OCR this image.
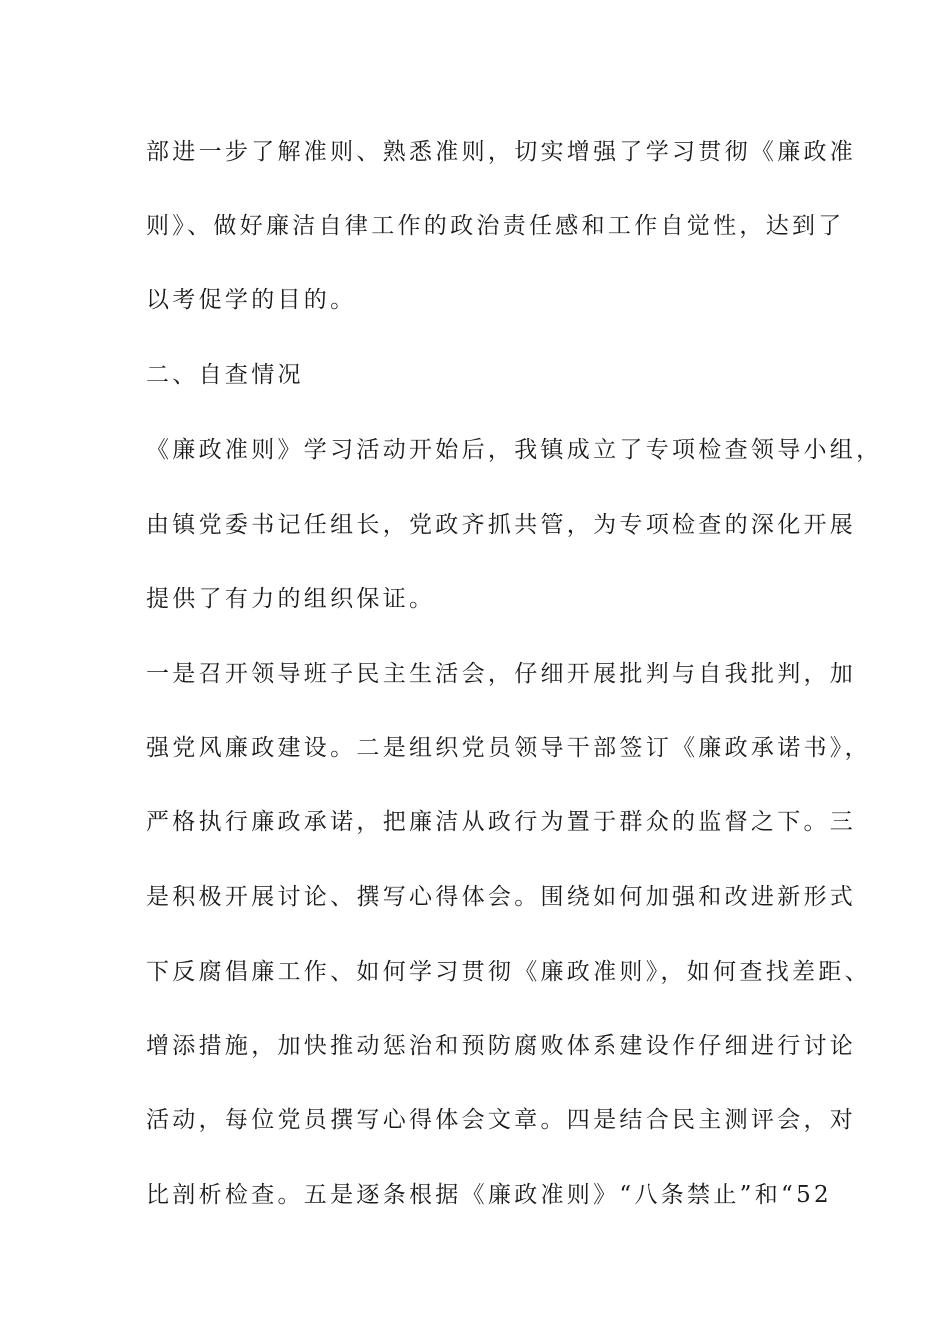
部进一步了解准则、熟悉准则，切实增强了学习贯彻《廉政准
则》、做好廉洁自律工作的政治责任感和工作自觉性，达到了
以考促学的目的。
二、自查情况
《廉政准则》学习活动开始后，我镇成立了专项检查领导小组，
由镇党委书记任组长，党政齐抓共管，为专项检查的深化开展
提供了有力的组织保证。
一是召开领导班子民主生活会，仔细开展批判与自我批判，加
强党风廉政建设。二是组织党员领导干部签订《廉政承诺书》，
严格执行廉政承诺，把廉洁从政行为置于群众的监督之下。三
是积极开展讨论、撰写心得体会。围绕如何加强和改进新形式
下反腐倡廉工作、如何学习贯彻《廉政准则》，如何查找差距、
增添措施，加快推动惩治和预防腐败体系建设作仔细进行讨论
活动，每位党员撰写心得体会文章。四是结合民主测评会，对
比剖析检查。五是逐条根据《廉政准则》“八条禁止”和“52
